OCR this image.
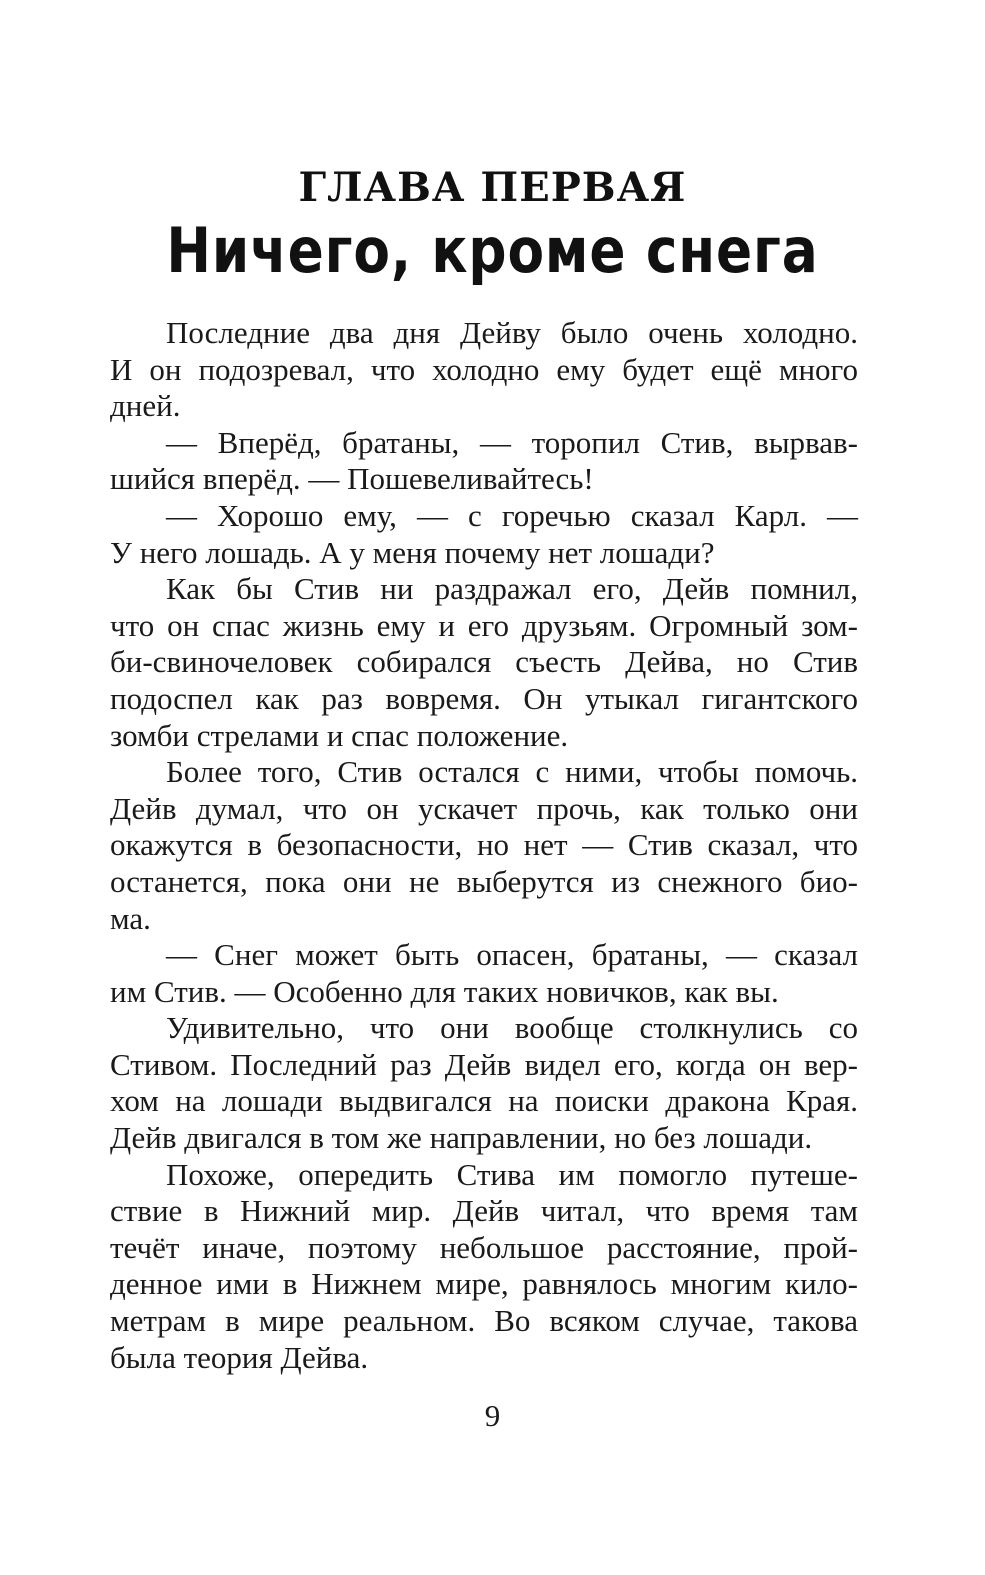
ГЛАВА ПЕРВАЯ
Ничего, кроме снега
Последние два дня Дейву было очень холодно.
И он подозревал, что холодно ему будет ещё много
дней.
— Вперёд, братаны, — торопил Стив, вырвав-
шийся вперёд. — Пошевеливайтесь!
— Хорошо ему, — с горечью сказал Карл. —
У него лошадь. А у меня почему нет лошади?
Как бы Стив ни раздражал его, Дейв помнил,
что он спас жизнь ему и его друзьям. Огромный зом-
би-свиночеловек собирался съесть Дейва, но Стив
подоспел как раз вовремя. Он утыкал гигантского
зомби стрелами и спас положение.
Более того, Стив остался с ними, чтобы помочь.
Дейв думал, что он ускачет прочь, как только они
окажутся в безопасности, но нет — Стив сказал, что
останется, пока они не выберутся из снежного био-
ма.
— Снег может быть опасен, братаны, — сказал
им Стив. — Особенно для таких новичков, как вы.
Удивительно, что они вообще столкнулись со
Стивом. Последний раз Дейв видел его, когда он вер-
хом на лошади выдвигался на поиски дракона Края.
Дейв двигался в том же направлении, но без лошади.
Похоже, опередить Стива им помогло путеше-
ствие в Нижний мир. Дейв читал, что время там
течёт иначе, поэтому небольшое расстояние, прой-
денное ими в Нижнем мире, равнялось многим кило-
метрам в мире реальном. Во всяком случае, такова
была теория Дейва.
9
